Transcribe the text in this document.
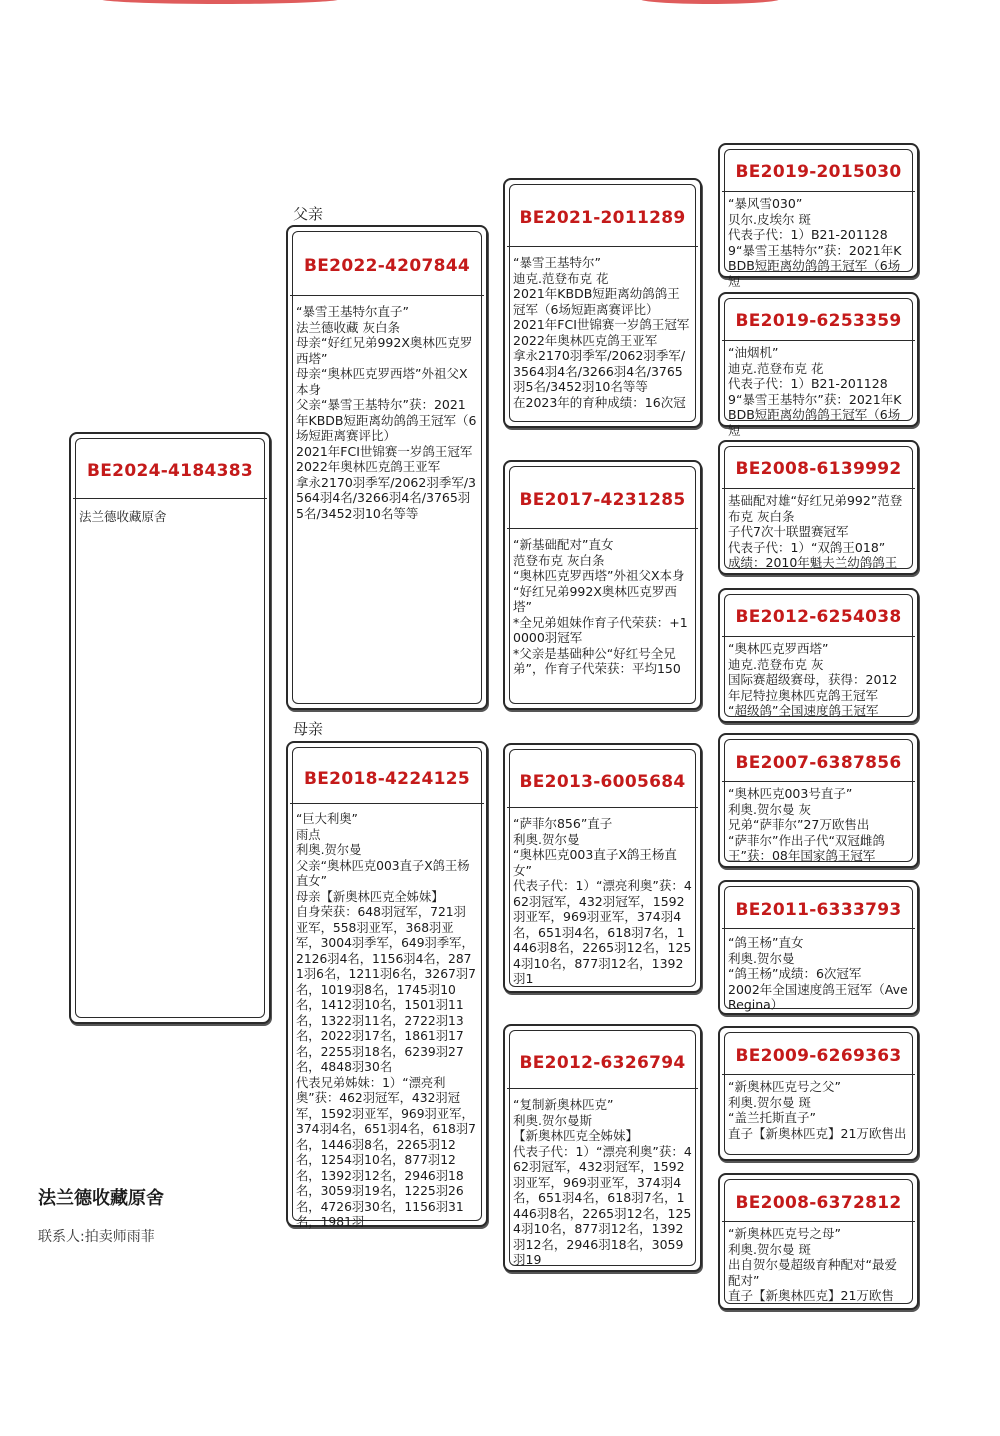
父亲
母亲
BE2024-4184383
法兰德收藏原舍
BE2022-4207844
“暴雪王基特尔直子”
法兰德收藏 灰白条
母亲“好红兄弟992X奥林匹克罗西塔”
母亲“奥林匹克罗西塔”外祖父X本身
父亲“暴雪王基特尔”获：2021年KBDB短距离幼鸽鸽王冠军（6场短距离赛评比）
2021年FCI世锦赛一岁鸽王冠军
2022年奥林匹克鸽王亚军
拿永2170羽季军/2062羽季军/3564羽4名/3266羽4名/3765羽5名/3452羽10名等等
BE2018-4224125
“巨大利奥”
雨点
利奥.贺尔曼
父亲“奥林匹克003直子X鸽王杨直女”
母亲【新奥林匹克全姊妹】
自身荣获：648羽冠军，721羽亚军，558羽亚军，368羽亚军，3004羽季军，649羽季军，2126羽4名，1156羽4名，2871羽6名，1211羽6名，3267羽7名，1019羽8名，1745羽10名，1412羽10名，1501羽11名，1322羽11名，2722羽13名，2022羽17名，1861羽17名，2255羽18名，6239羽27名，4848羽30名
代表兄弟姊妹：1）“漂亮利奥”获：462羽冠军，432羽冠军，1592羽亚军，969羽亚军，374羽4名，651羽4名，618羽7名，1446羽8名，2265羽12名，1254羽10名，877羽12名，1392羽12名，2946羽18名，3059羽19名，1225羽26名，4726羽30名，1156羽31名，1981羽
BE2021-2011289
“暴雪王基特尔”
迪克.范登布克 花
2021年KBDB短距离幼鸽鸽王冠军（6场短距离赛评比）
2021年FCI世锦赛一岁鸽王冠军
2022年奥林匹克鸽王亚军
拿永2170羽季军/2062羽季军/3564羽4名/3266羽4名/3765羽5名/3452羽10名等等
在2023年的育种成绩：16次冠
BE2017-4231285
“新基础配对”直女
范登布克 灰白条
“奥林匹克罗西塔”外祖父X本身
“好红兄弟992X奥林匹克罗西塔”
*全兄弟姐妹作育子代荣获：+10000羽冠军
*父亲是基础种公“好红号全兄弟”，作育子代荣获：平均150
BE2013-6005684
“萨菲尔856”直子
利奥.贺尔曼
“奥林匹克003直子X鸽王杨直女”
代表子代：1）“漂亮利奥”获：462羽冠军，432羽冠军，1592羽亚军，969羽亚军，374羽4名，651羽4名，618羽7名，1446羽8名，2265羽12名，1254羽10名，877羽12名，1392羽1
BE2012-6326794
“复制新奥林匹克”
利奥.贺尔曼斯
【新奥林匹克全姊妹】
代表子代：1）“漂亮利奥”获：462羽冠军，432羽冠军，1592羽亚军，969羽亚军，374羽4名，651羽4名，618羽7名，1446羽8名，2265羽12名，1254羽10名，877羽12名，1392羽12名，2946羽18名，3059羽19
BE2019-2015030
“暴风雪030”
贝尔.皮埃尔 斑
代表子代：1）B21-2011289“暴雪王基特尔”获：2021年KBDB短距离幼鸽鸽王冠军（6场短
BE2019-6253359
“油烟机”
迪克.范登布克 花
代表子代：1）B21-2011289“暴雪王基特尔”获：2021年KBDB短距离幼鸽鸽王冠军（6场短
BE2008-6139992
基础配对雄“好红兄弟992”范登布克 灰白条
子代7次十联盟赛冠军
代表子代：1）“双鸽王018”
成绩：2010年魁夫兰幼鸽鸽王
BE2012-6254038
“奥林匹克罗西塔”
迪克.范登布克 灰
国际赛超级赛母，获得：2012年尼特拉奥林匹克鸽王冠军
“超级鸽”全国速度鸽王冠军
BE2007-6387856
“奥林匹克003号直子”
利奥.贺尔曼 灰
兄弟“萨菲尔”27万欧售出
“萨菲尔”作出子代“双冠雌鸽王”获：08年国家鸽王冠军
BE2011-6333793
“鸽王杨”直女
利奥.贺尔曼
“鸽王杨”成绩：6次冠军
2002年全国速度鸽王冠军（Ave Regina）
BE2009-6269363
“新奥林匹克号之父”
利奥.贺尔曼 斑
“盖兰托斯直子”
直子【新奥林匹克】21万欧售出
BE2008-6372812
“新奥林匹克号之母”
利奥.贺尔曼 斑
出自贺尔曼超级育种配对“最爱配对”
直子【新奥林匹克】21万欧售
法兰德收藏原舍
联系人:拍卖师雨菲
